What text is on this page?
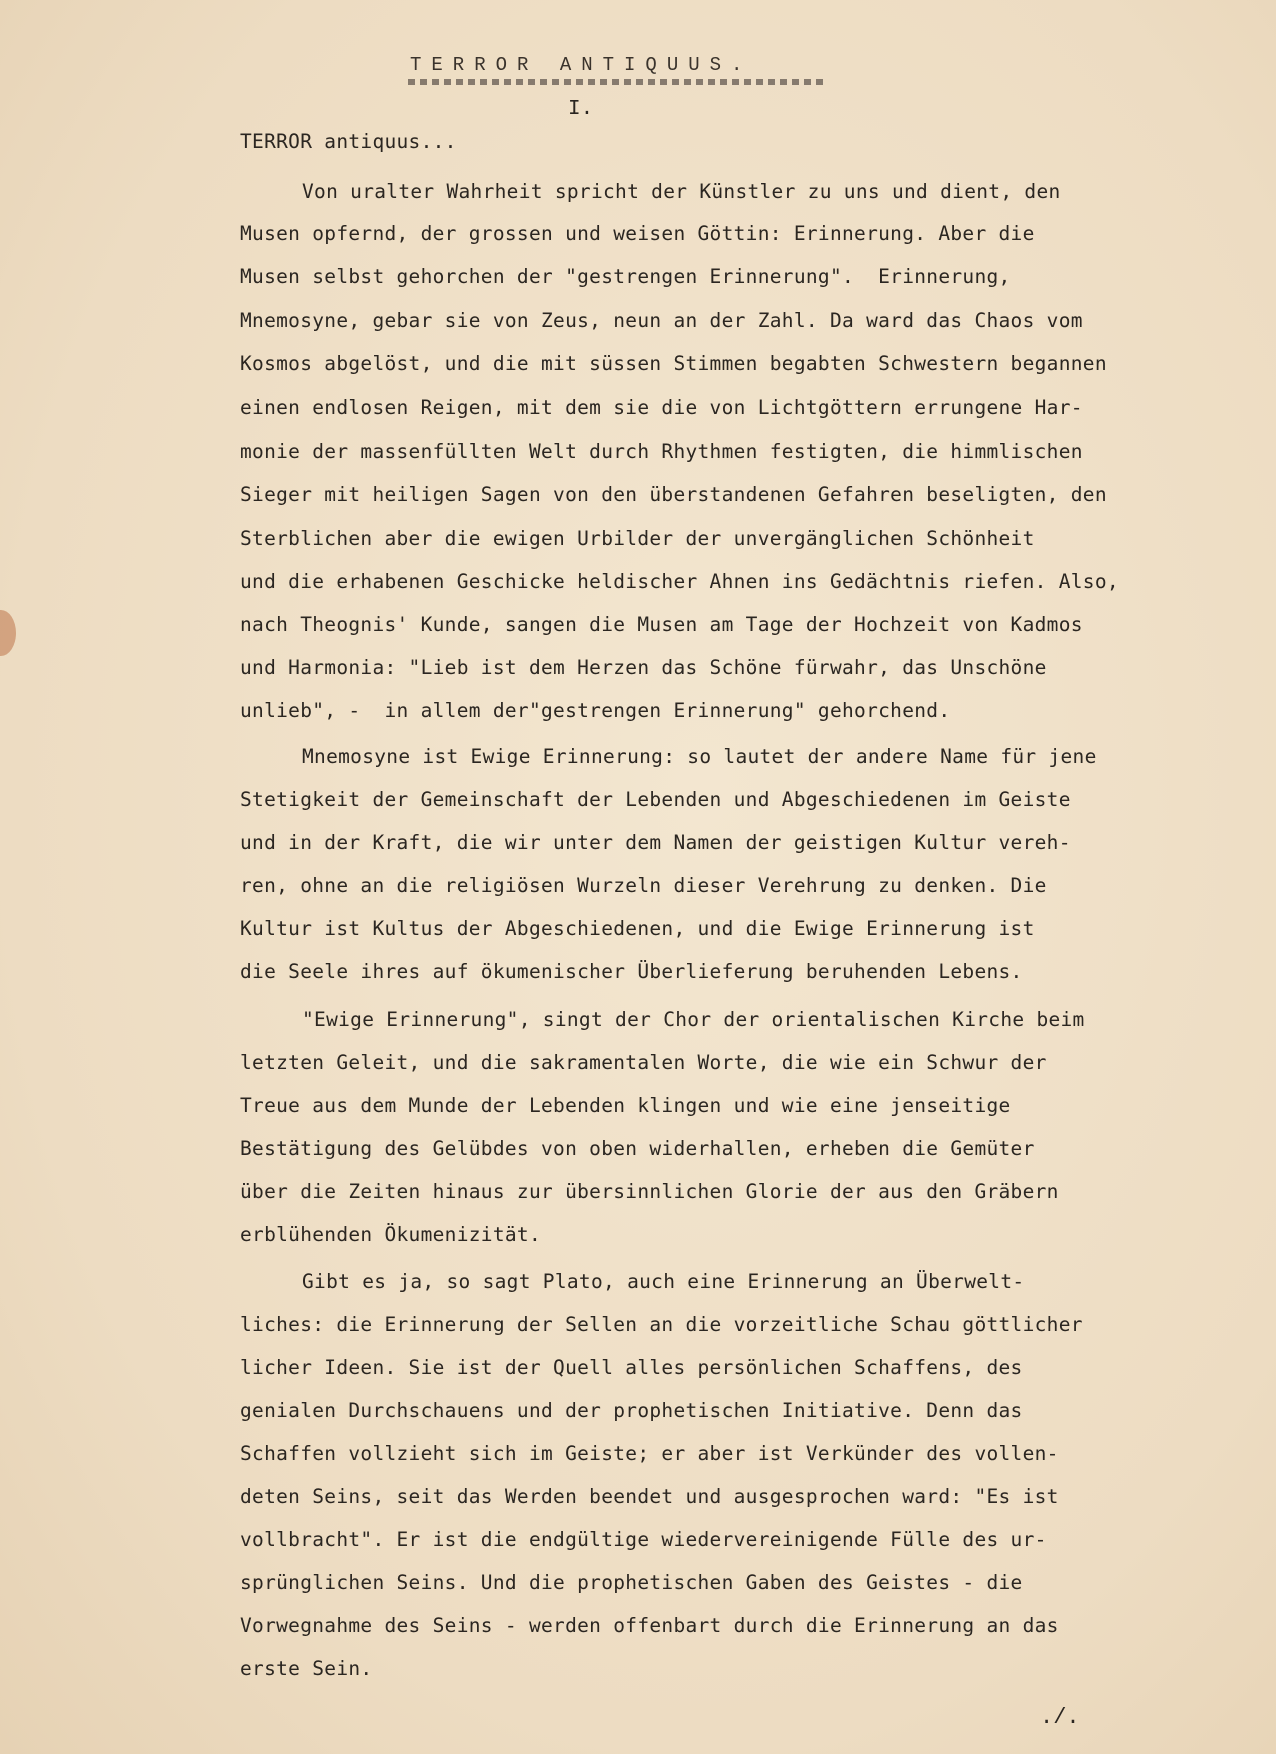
TERROR ANTIQUUS.
I.
TERROR antiquus...
Von uralter Wahrheit spricht der Künstler zu uns und dient, den
Musen opfernd, der grossen und weisen Göttin: Erinnerung. Aber die
Musen selbst gehorchen der "gestrengen Erinnerung".  Erinnerung,
Mnemosyne, gebar sie von Zeus, neun an der Zahl. Da ward das Chaos vom
Kosmos abgelöst, und die mit süssen Stimmen begabten Schwestern begannen
einen endlosen Reigen, mit dem sie die von Lichtgöttern errungene Har-
monie der massenfüllten Welt durch Rhythmen festigten, die himmlischen
Sieger mit heiligen Sagen von den überstandenen Gefahren beseligten, den
Sterblichen aber die ewigen Urbilder der unvergänglichen Schönheit
und die erhabenen Geschicke heldischer Ahnen ins Gedächtnis riefen. Also,
nach Theognis' Kunde, sangen die Musen am Tage der Hochzeit von Kadmos
und Harmonia: "Lieb ist dem Herzen das Schöne fürwahr, das Unschöne
unlieb", -  in allem der"gestrengen Erinnerung" gehorchend.
Mnemosyne ist Ewige Erinnerung: so lautet der andere Name für jene
Stetigkeit der Gemeinschaft der Lebenden und Abgeschiedenen im Geiste
und in der Kraft, die wir unter dem Namen der geistigen Kultur vereh-
ren, ohne an die religiösen Wurzeln dieser Verehrung zu denken. Die
Kultur ist Kultus der Abgeschiedenen, und die Ewige Erinnerung ist
die Seele ihres auf ökumenischer Überlieferung beruhenden Lebens.
"Ewige Erinnerung", singt der Chor der orientalischen Kirche beim
letzten Geleit, und die sakramentalen Worte, die wie ein Schwur der
Treue aus dem Munde der Lebenden klingen und wie eine jenseitige
Bestätigung des Gelübdes von oben widerhallen, erheben die Gemüter
über die Zeiten hinaus zur übersinnlichen Glorie der aus den Gräbern
erblühenden Ökumenizität.
Gibt es ja, so sagt Plato, auch eine Erinnerung an Überwelt-
liches: die Erinnerung der Sellen an die vorzeitliche Schau göttlicher
licher Ideen. Sie ist der Quell alles persönlichen Schaffens, des
genialen Durchschauens und der prophetischen Initiative. Denn das
Schaffen vollzieht sich im Geiste; er aber ist Verkünder des vollen-
deten Seins, seit das Werden beendet und ausgesprochen ward: "Es ist
vollbracht". Er ist die endgültige wiedervereinigende Fülle des ur-
sprünglichen Seins. Und die prophetischen Gaben des Geistes - die
Vorwegnahme des Seins - werden offenbart durch die Erinnerung an das
erste Sein.
./.
